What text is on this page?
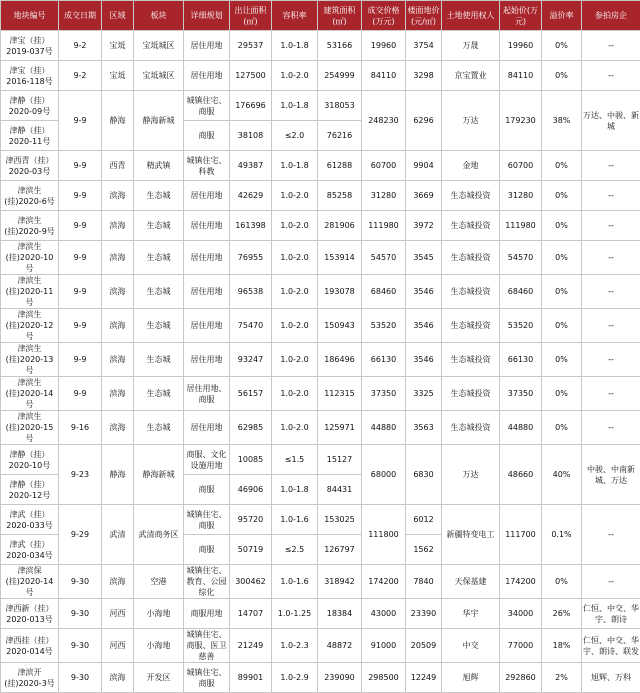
地块编号	成交日期	区域	板块	详细规划	出让面积(㎡)	容积率	建筑面积(㎡)	成交价格(万元)	楼面地价(元/㎡)	土地使用权人	起始价(万元)	溢价率	参拍房企
津宝（挂）2019-037号	9-2	宝坻	宝坻城区	居住用地	29537	1.0-1.8	53166	19960	3754	万晟	19960	0%	--
津宝（挂）2016-118号	9-2	宝坻	宝坻城区	居住用地	127500	1.0-2.0	254999	84110	3298	京宝置业	84110	0%	--
津静（挂）2020-09号	9-9	静海	静海新城	城镇住宅、商服	176696	1.0-1.8	318053	248230	6296	万达	179230	38%	万达、中骏、新城
津静（挂）2020-11号				商服	38108	≤2.0	76216						
津西青（挂）2020-03号	9-9	西青	精武镇	城镇住宅、科教	49387	1.0-1.8	61288	60700	9904	金地	60700	0%	--
津滨生(挂)2020-6号	9-9	滨海	生态城	居住用地	42629	1.0-2.0	85258	31280	3669	生态城投资	31280	0%	--
津滨生(挂)2020-9号	9-9	滨海	生态城	居住用地	161398	1.0-2.0	281906	111980	3972	生态城投资	111980	0%	--
津滨生(挂)2020-10号	9-9	滨海	生态城	居住用地	76955	1.0-2.0	153914	54570	3545	生态城投资	54570	0%	--
津滨生(挂)2020-11号	9-9	滨海	生态城	居住用地	96538	1.0-2.0	193078	68460	3546	生态城投资	68460	0%	--
津滨生(挂)2020-12号	9-9	滨海	生态城	居住用地	75470	1.0-2.0	150943	53520	3546	生态城投资	53520	0%	--
津滨生(挂)2020-13号	9-9	滨海	生态城	居住用地	93247	1.0-2.0	186496	66130	3546	生态城投资	66130	0%	--
津滨生(挂)2020-14号	9-9	滨海	生态城	居住用地、商服	56157	1.0-2.0	112315	37350	3325	生态城投资	37350	0%	--
津滨生(挂)2020-15号	9-16	滨海	生态城	居住用地	62985	1.0-2.0	125971	44880	3563	生态城投资	44880	0%	--
津静（挂）2020-10号	9-23	静海	静海新城	商服、文化设施用地	10085	≤1.5	15127	68000	6830	万达	48660	40%	中骏、中南新城、万达
津静（挂）2020-12号				商服	46906	1.0-1.8	84431						
津武（挂）2020-033号	9-29	武清	武清商务区	城镇住宅、商服	95720	1.0-1.6	153025	111800	6012	新疆特变电工	111700	0.1%	--
津武（挂）2020-034号				商服	50719	≤2.5	126797		1562				
津滨保(挂)2020-14号	9-30	滨海	空港	城镇住宅、教育、公园综化	300462	1.0-1.6	318942	174200	7840	天保基建	174200	0%	--
津西新（挂）2020-013号	9-30	河西	小海地	商服用地	14707	1.0-1.25	18384	43000	23390	华宇	34000	26%	仁恒、中交、华宇、朗诗
津西挂（挂）2020-014号	9-30	河西	小海地	城镇住宅、商服、医卫慈善	21249	1.0-2.3	48872	91000	20509	中交	77000	18%	仁恒、中交、华宇、朗诗、联发
津滨开(挂)2020-3号	9-30	滨海	开发区	城镇住宅、商服	89901	1.0-2.9	239090	298500	12249	旭辉	292860	2%	旭辉、万科
